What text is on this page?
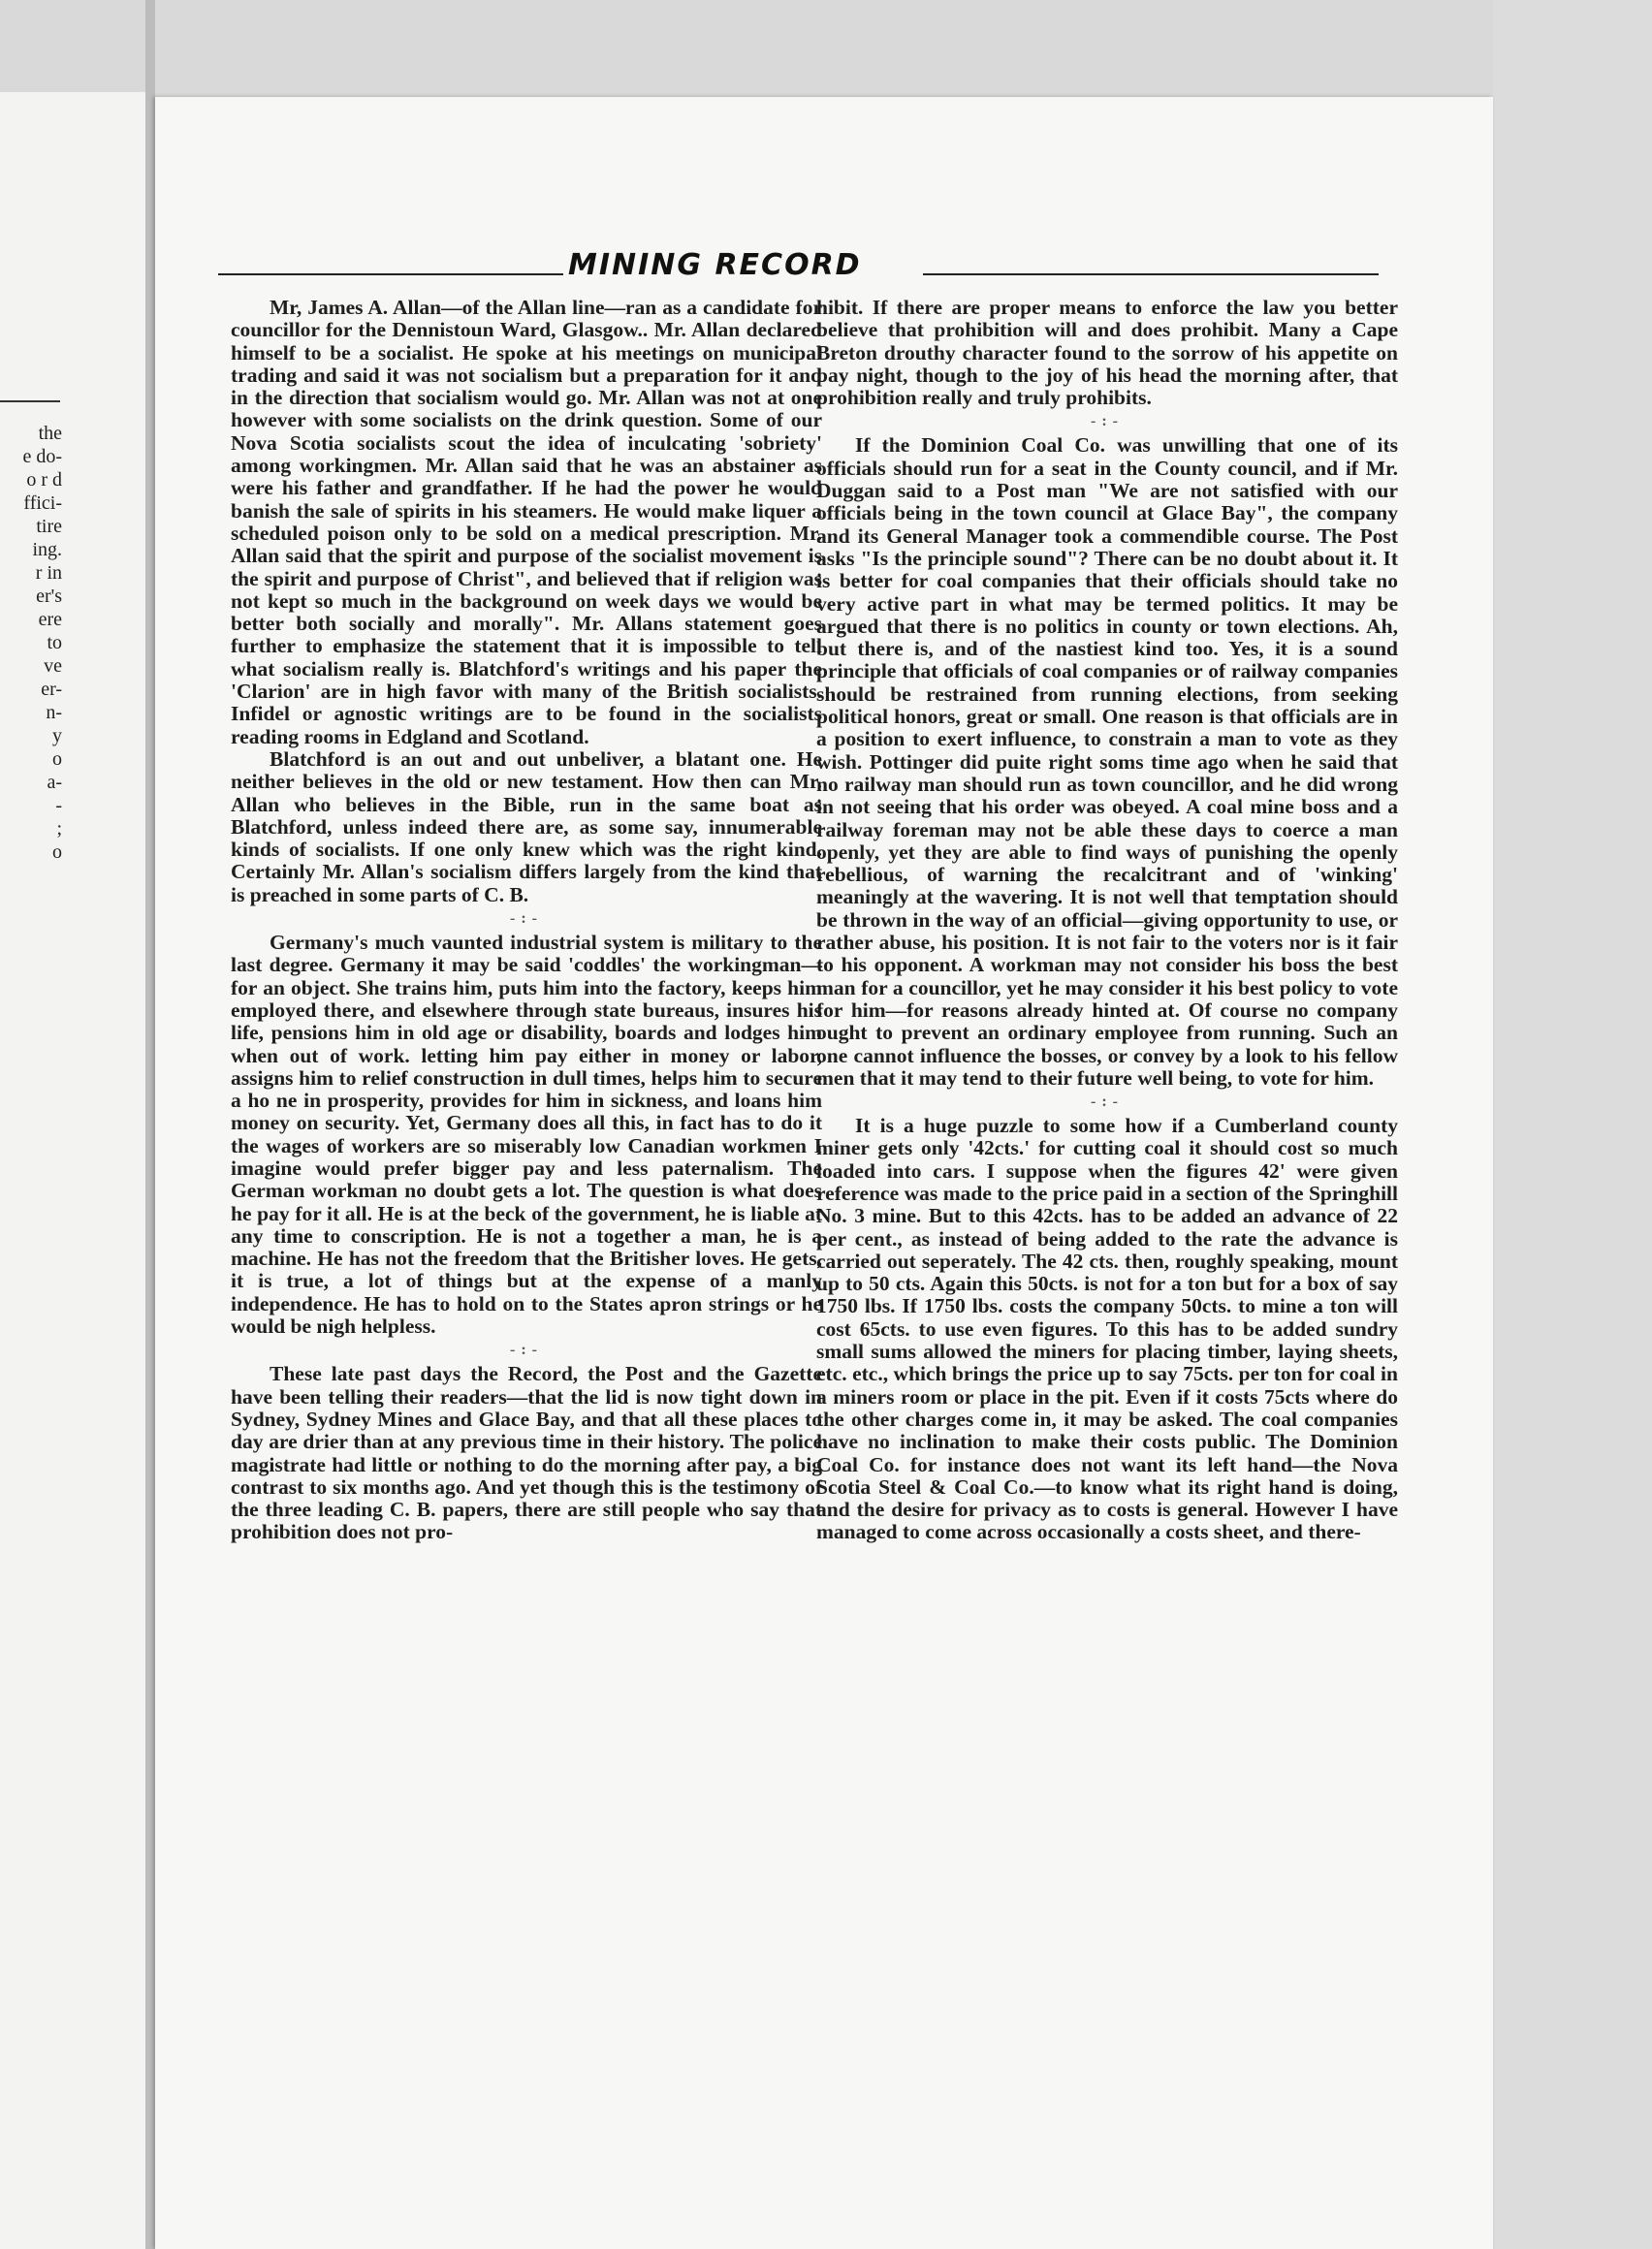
the
e do-
o r d
ffici-
tire
ing.
r in
er's
ere
to
ve
er-
n-
y
o
a-
-
;
o
MINING RECORD

Mr, James A. Allan—of the Allan line—ran as a candidate for councillor for the Dennistoun Ward, Glasgow.. Mr. Allan declared himself to be a socialist. He spoke at his meetings on municipal trading and said it was not socialism but a preparation for it and in the direction that socialism would go. Mr. Allan was not at one however with some socialists on the drink question. Some of our Nova Scotia socialists scout the idea of inculcating 'sobriety' among workingmen. Mr. Allan said that he was an abstainer as were his father and grandfather. If he had the power he would banish the sale of spirits in his steamers. He would make liquer a scheduled poison only to be sold on a medical prescription. Mr. Allan said that the spirit and purpose of the socialist movement is the spirit and purpose of Christ", and believed that if religion was not kept so much in the background on week days we would be better both socially and morally". Mr. Allans statement goes further to emphasize the statement that it is impossible to tell what socialism really is. Blatchford's writings and his paper the 'Clarion' are in high favor with many of the British socialists. Infidel or agnostic writings are to be found in the socialists reading rooms in Edgland and Scotland.

Blatchford is an out and out unbeliver, a blatant one. He neither believes in the old or new testament. How then can Mr. Allan who believes in the Bible, run in the same boat as Blatchford, unless indeed there are, as some say, innumerable kinds of socialists. If one only knew which was the right kind. Certainly Mr. Allan's socialism differs largely from the kind that is preached in some parts of C. B.

-:-

Germany's much vaunted industrial system is military to the last degree. Germany it may be said 'coddles' the workingman—for an object. She trains him, puts him into the factory, keeps him employed there, and elsewhere through state bureaus, insures his life, pensions him in old age or disability, boards and lodges him when out of work. letting him pay either in money or labor, assigns him to relief construction in dull times, helps him to secure a ho ne in prosperity, provides for him in sickness, and loans him money on security. Yet, Germany does all this, in fact has to do it the wages of workers are so miserably low Canadian workmen I imagine would prefer bigger pay and less paternalism. The German workman no doubt gets a lot. The question is what does he pay for it all. He is at the beck of the government, he is liable at any time to conscription. He is not a together a man, he is a machine. He has not the freedom that the Britisher loves. He gets, it is true, a lot of things but at the expense of a manly independence. He has to hold on to the States apron strings or he would be nigh helpless.

-:-

These late past days the Record, the Post and the Gazette have been telling their readers—that the lid is now tight down in Sydney, Sydney Mines and Glace Bay, and that all these places to day are drier than at any previous time in their history. The police magistrate had little or nothing to do the morning after pay, a big contrast to six months ago. And yet though this is the testimony of the three leading C. B. papers, there are still people who say that prohibition does not pro-

hibit. If there are proper means to enforce the law you better believe that prohibition will and does prohibit. Many a Cape Breton drouthy character found to the sorrow of his appetite on pay night, though to the joy of his head the morning after, that prohibition really and truly prohibits.

-:-

If the Dominion Coal Co. was unwilling that one of its officials should run for a seat in the County council, and if Mr. Duggan said to a Post man "We are not satisfied with our officials being in the town council at Glace Bay", the company and its General Manager took a commendible course. The Post asks "Is the principle sound"? There can be no doubt about it. It is better for coal companies that their officials should take no very active part in what may be termed politics. It may be argued that there is no politics in county or town elections. Ah, but there is, and of the nastiest kind too. Yes, it is a sound principle that officials of coal companies or of railway companies should be restrained from running elections, from seeking political honors, great or small. One reason is that officials are in a position to exert influence, to constrain a man to vote as they wish. Pottinger did puite right soms time ago when he said that no railway man should run as town councillor, and he did wrong in not seeing that his order was obeyed. A coal mine boss and a railway foreman may not be able these days to coerce a man openly, yet they are able to find ways of punishing the openly rebellious, of warning the recalcitrant and of 'winking' meaningly at the wavering. It is not well that temptation should be thrown in the way of an official—giving opportunity to use, or rather abuse, his position. It is not fair to the voters nor is it fair to his opponent. A workman may not consider his boss the best man for a councillor, yet he may consider it his best policy to vote for him—for reasons already hinted at. Of course no company ought to prevent an ordinary employee from running. Such an one cannot influence the bosses, or convey by a look to his fellow men that it may tend to their future well being, to vote for him.

-:-

It is a huge puzzle to some how if a Cumberland county miner gets only '42cts.' for cutting coal it should cost so much loaded into cars. I suppose when the figures 42' were given reference was made to the price paid in a section of the Springhill No. 3 mine. But to this 42cts. has to be added an advance of 22 per cent., as instead of being added to the rate the advance is carried out seperately. The 42 cts. then, roughly speaking, mount up to 50 cts. Again this 50cts. is not for a ton but for a box of say 1750 lbs. If 1750 lbs. costs the company 50cts. to mine a ton will cost 65cts. to use even figures. To this has to be added sundry small sums allowed the miners for placing timber, laying sheets, etc. etc., which brings the price up to say 75cts. per ton for coal in a miners room or place in the pit. Even if it costs 75cts where do the other charges come in, it may be asked. The coal companies have no inclination to make their costs public. The Dominion Coal Co. for instance does not want its left hand—the Nova Scotia Steel & Coal Co.—to know what its right hand is doing, and the desire for privacy as to costs is general. However I have managed to come across occasionally a costs sheet, and there-
